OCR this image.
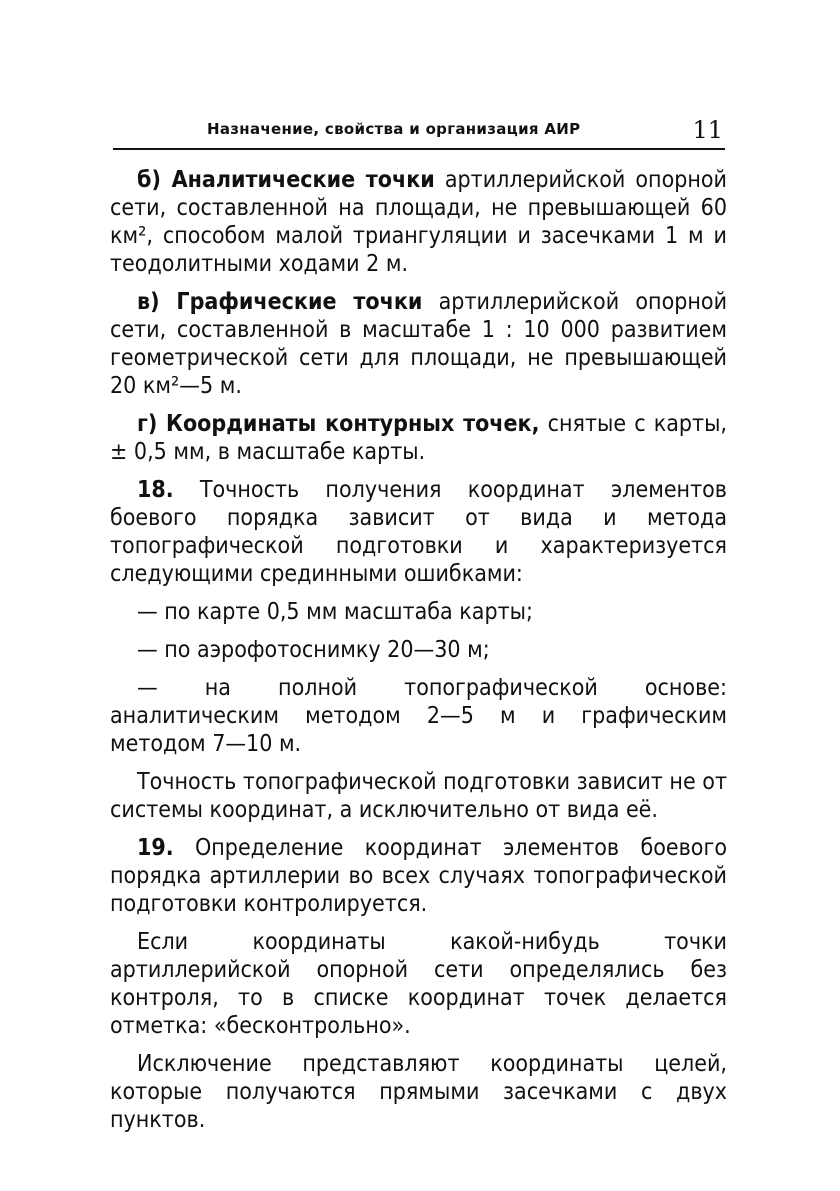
Назначение, свойства и организация АИР	11

б) Аналитические точки артиллерийской опорной сети, составленной на площади, не превышающей 60 км², способом малой триангуляции и засечками 1 м и теодолитными ходами 2 м.

в) Графические точки артиллерийской опорной сети, составленной в масштабе 1 : 10 000 развитием геометрической сети для площади, не превышающей 20 км²—5 м.

г) Координаты контурных точек, снятые с карты, ± 0,5 мм, в масштабе карты.

18. Точность получения координат элементов боевого порядка зависит от вида и метода топографической подготовки и характеризуется следующими срединными ошибками:

— по карте 0,5 мм масштаба карты;

— по аэрофотоснимку 20—30 м;

— на полной топографической основе: аналитическим методом 2—5 м и графическим методом 7—10 м.

Точность топографической подготовки зависит не от системы координат, а исключительно от вида её.

19. Определение координат элементов боевого порядка артиллерии во всех случаях топографической подготовки контролируется.

Если координаты какой-нибудь точки артиллерийской опорной сети определялись без контроля, то в списке координат точек делается отметка: «бесконтрольно».

Исключение представляют координаты целей, которые получаются прямыми засечками с двух пунктов.
